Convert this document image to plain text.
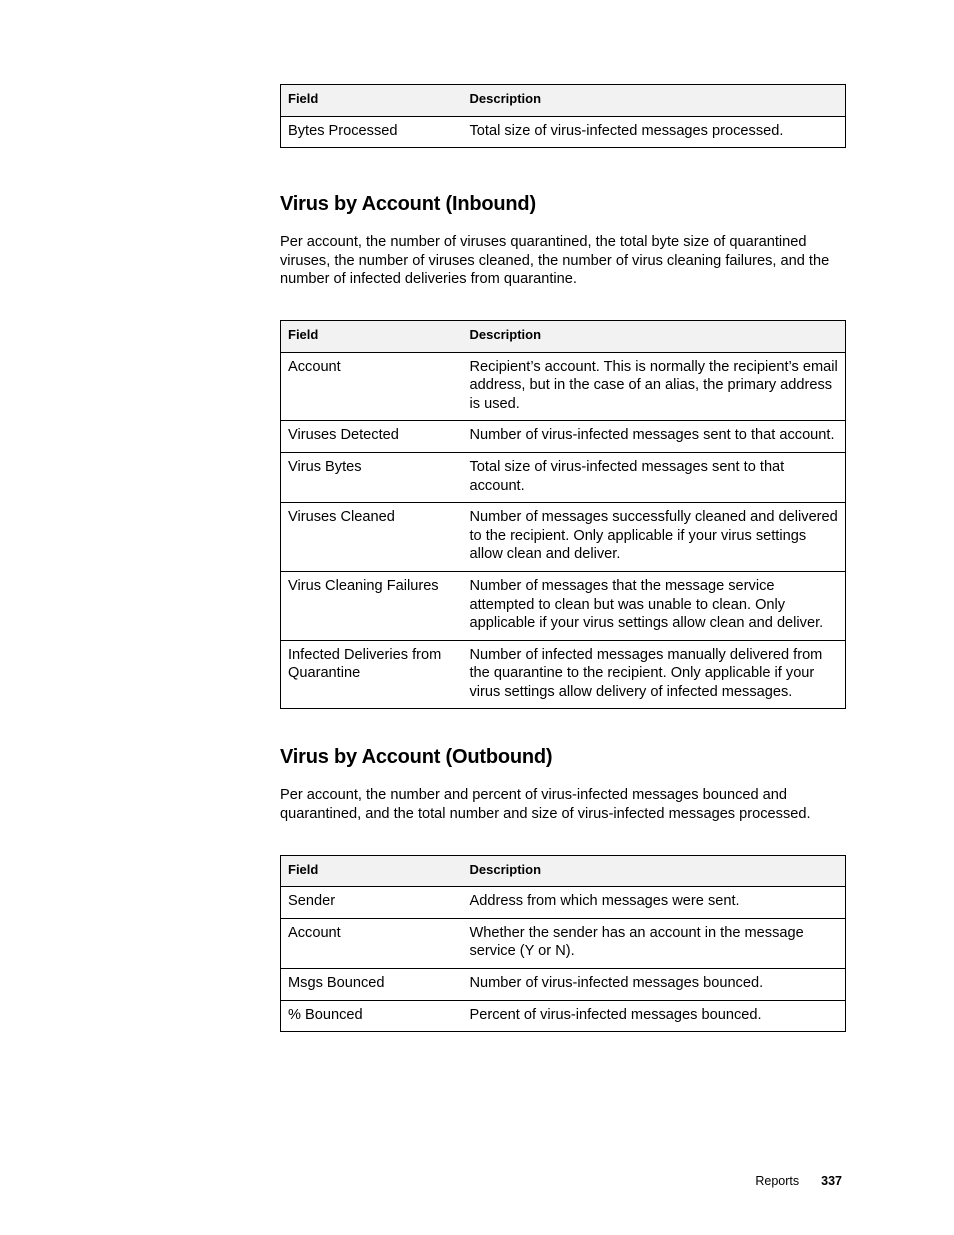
Field	Description
Bytes Processed	Total size of virus-infected messages processed.
Virus by Account (Inbound)

Per account, the number of viruses quarantined, the total byte size of quarantined viruses, the number of viruses cleaned, the number of virus cleaning failures, and the number of infected deliveries from quarantine.

Field	Description
Account	Recipient’s account. This is normally the recipient’s email address, but in the case of an alias, the primary address is used.
Viruses Detected	Number of virus-infected messages sent to that account.
Virus Bytes	Total size of virus-infected messages sent to that account.
Viruses Cleaned	Number of messages successfully cleaned and delivered to the recipient. Only applicable if your virus settings allow clean and deliver.
Virus Cleaning Failures	Number of messages that the message service attempted to clean but was unable to clean. Only applicable if your virus settings allow clean and deliver.
Infected Deliveries from Quarantine	Number of infected messages manually delivered from the quarantine to the recipient. Only applicable if your virus settings allow delivery of infected messages.
Virus by Account (Outbound)

Per account, the number and percent of virus-infected messages bounced and quarantined, and the total number and size of virus-infected messages processed.

Field	Description
Sender	Address from which messages were sent.
Account	Whether the sender has an account in the message service (Y or N).
Msgs Bounced	Number of virus-infected messages bounced.
% Bounced	Percent of virus-infected messages bounced.
Reports 337
